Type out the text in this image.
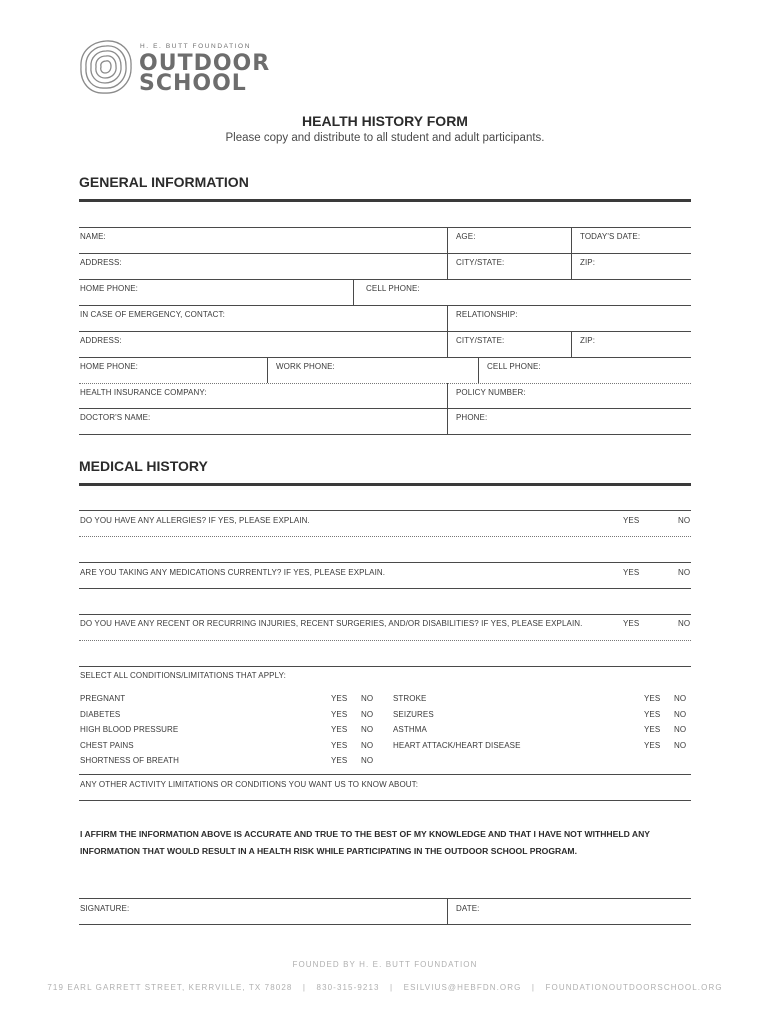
H. E. BUTT FOUNDATION
OUTDOOR
SCHOOL
HEALTH HISTORY FORM
Please copy and distribute to all student and adult participants.
GENERAL INFORMATION
NAME:	AGE:	TODAY'S DATE:
ADDRESS:	CITY/STATE:	ZIP:
HOME PHONE:	CELL PHONE:
IN CASE OF EMERGENCY, CONTACT:	RELATIONSHIP:
ADDRESS:	CITY/STATE:	ZIP:
HOME PHONE:	WORK PHONE:	CELL PHONE:
HEALTH INSURANCE COMPANY:	POLICY NUMBER:
DOCTOR'S NAME:	PHONE:
MEDICAL HISTORY
DO YOU HAVE ANY ALLERGIES? IF YES, PLEASE EXPLAIN.	YES	NO
ARE YOU TAKING ANY MEDICATIONS CURRENTLY? IF YES, PLEASE EXPLAIN.	YES	NO
DO YOU HAVE ANY RECENT OR RECURRING INJURIES, RECENT SURGERIES, AND/OR DISABILITIES? IF YES, PLEASE EXPLAIN.	YES	NO
SELECT ALL CONDITIONS/LIMITATIONS THAT APPLY:
PREGNANT	YES NO STROKE	YES NO
DIABETES	YES NO SEIZURES	YES NO
HIGH BLOOD PRESSURE	YES NO ASTHMA	YES NO
CHEST PAINS	YES NO HEART ATTACK/HEART DISEASE	YES NO
SHORTNESS OF BREATH	YES NO
ANY OTHER ACTIVITY LIMITATIONS OR CONDITIONS YOU WANT US TO KNOW ABOUT:
I AFFIRM THE INFORMATION ABOVE IS ACCURATE AND TRUE TO THE BEST OF MY KNOWLEDGE AND THAT I HAVE NOT WITHHELD ANY
INFORMATION THAT WOULD RESULT IN A HEALTH RISK WHILE PARTICIPATING IN THE OUTDOOR SCHOOL PROGRAM.
SIGNATURE:	DATE:
FOUNDED BY H. E. BUTT FOUNDATION
719 EARL GARRETT STREET, KERRVILLE, TX 78028 | 830-315-9213 | ESILVIUS@HEBFDN.ORG | FOUNDATIONOUTDOORSCHOOL.ORG
